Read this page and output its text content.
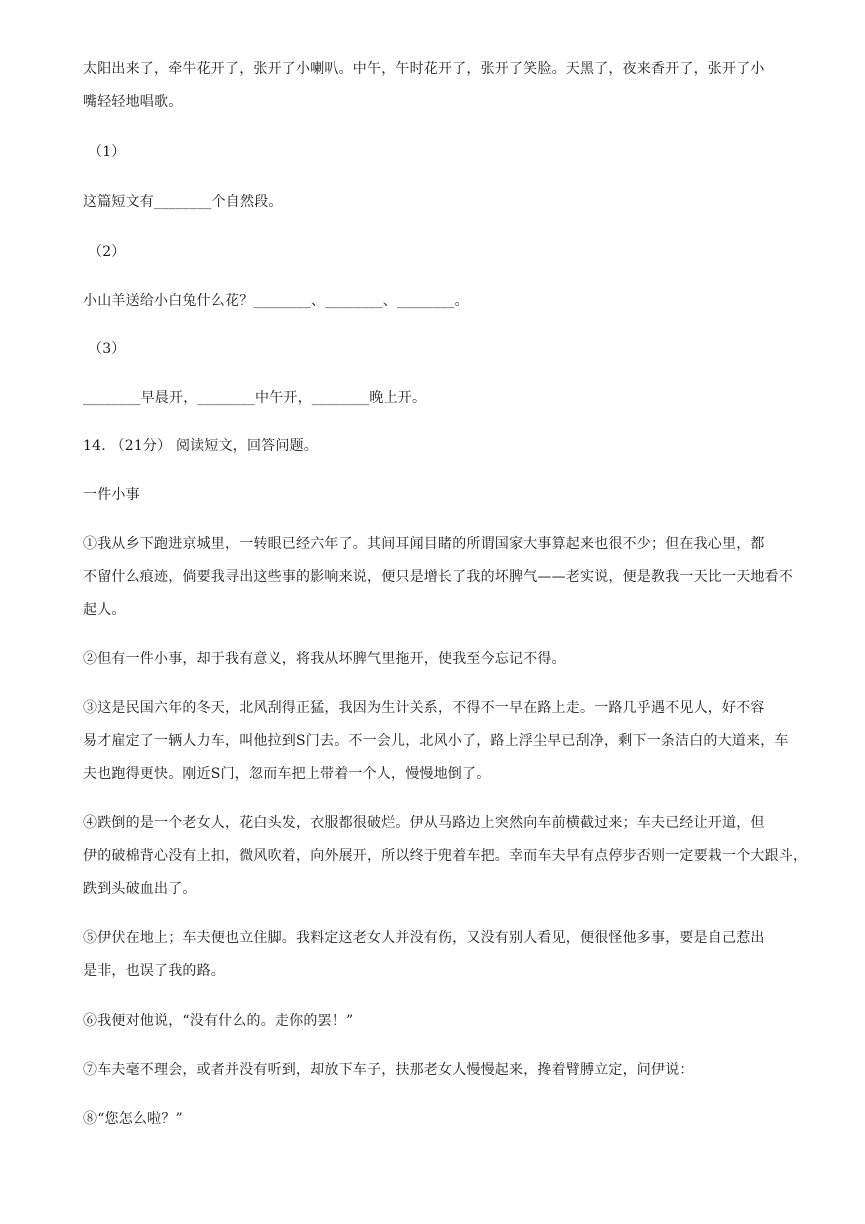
太阳出来了，牵牛花开了，张开了小喇叭。中午，午时花开了，张开了笑脸。天黑了，夜来香开了，张开了小
嘴轻轻地唱歌。
（1）
这篇短文有________个自然段。
（2）
小山羊送给小白兔什么花？________、________、________。
（3）
________早晨开，________中午开，________晚上开。
14. （21分） 阅读短文，回答问题。
一件小事
①我从乡下跑进京城里，一转眼已经六年了。其间耳闻目睹的所谓国家大事算起来也很不少；但在我心里，都
不留什么痕迹，倘要我寻出这些事的影响来说，便只是增长了我的坏脾气——老实说，便是教我一天比一天地看不
起人。
②但有一件小事，却于我有意义，将我从坏脾气里拖开，使我至今忘记不得。
③这是民国六年的冬天，北风刮得正猛，我因为生计关系，不得不一早在路上走。一路几乎遇不见人，好不容
易才雇定了一辆人力车，叫他拉到S门去。不一会儿，北风小了，路上浮尘早已刮净，剩下一条洁白的大道来，车
夫也跑得更快。刚近S门，忽而车把上带着一个人，慢慢地倒了。
④跌倒的是一个老女人，花白头发，衣服都很破烂。伊从马路边上突然向车前横截过来；车夫已经让开道，但
伊的破棉背心没有上扣，微风吹着，向外展开，所以终于兜着车把。幸而车夫早有点停步否则一定要栽一个大跟斗，
跌到头破血出了。
⑤伊伏在地上；车夫便也立住脚。我料定这老女人并没有伤，又没有别人看见，便很怪他多事，要是自己惹出
是非，也误了我的路。
⑥我便对他说，“没有什么的。走你的罢！”
⑦车夫毫不理会，或者并没有听到，却放下车子，扶那老女人慢慢起来，搀着臂膊立定，问伊说：
⑧“您怎么啦？”
